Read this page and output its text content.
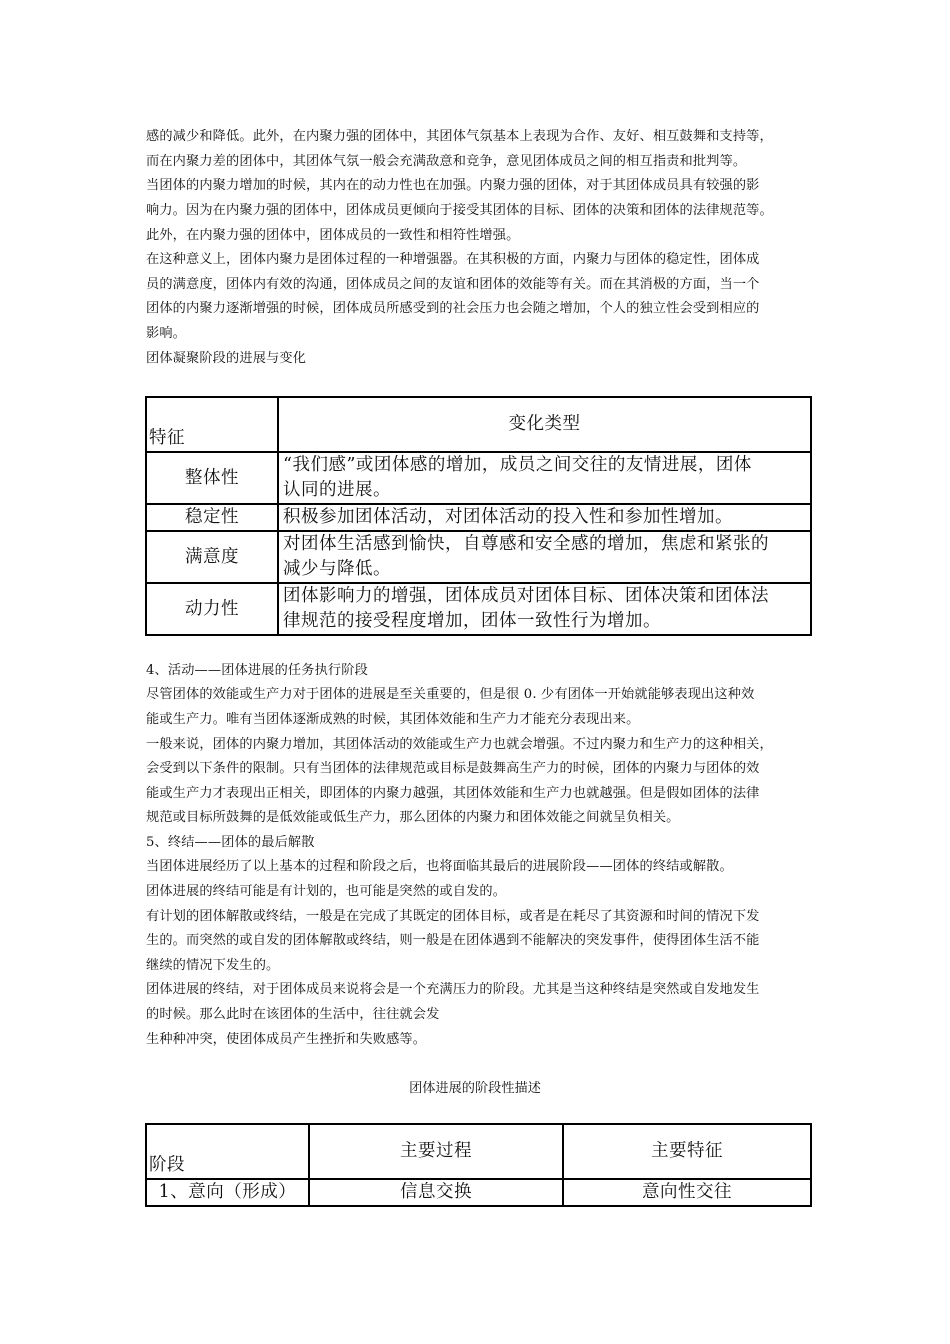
感的减少和降低。此外，在内聚力强的团体中，其团体气氛基本上表现为合作、友好、相互鼓舞和支持等，
而在内聚力差的团体中，其团体气氛一般会充满敌意和竞争，意见团体成员之间的相互指责和批判等。
当团体的内聚力增加的时候，其内在的动力性也在加强。内聚力强的团体，对于其团体成员具有较强的影
响力。因为在内聚力强的团体中，团体成员更倾向于接受其团体的目标、团体的决策和团体的法律规范等。
此外，在内聚力强的团体中，团体成员的一致性和相符性增强。
在这种意义上，团体内聚力是团体过程的一种增强器。在其积极的方面，内聚力与团体的稳定性，团体成
员的满意度，团体内有效的沟通，团体成员之间的友谊和团体的效能等有关。而在其消极的方面，当一个
团体的内聚力逐渐增强的时候，团体成员所感受到的社会压力也会随之增加，个人的独立性会受到相应的
影响。
团体凝聚阶段的进展与变化
特征	变化类型
整体性	“我们感”或团体感的增加，成员之间交往的友情进展，团体
认同的进展。

稳定性	积极参加团体活动，对团体活动的投入性和参加性增加。

满意度	对团体生活感到愉快，自尊感和安全感的增加，焦虑和紧张的
减少与降低。

动力性	团体影响力的增强，团体成员对团体目标、团体决策和团体法
律规范的接受程度增加，团体一致性行为增加。
4、活动——团体进展的任务执行阶段
尽管团体的效能或生产力对于团体的进展是至关重要的，但是很 0. 少有团体一开始就能够表现出这种效
能或生产力。唯有当团体逐渐成熟的时候，其团体效能和生产力才能充分表现出来。
一般来说，团体的内聚力增加，其团体活动的效能或生产力也就会增强。不过内聚力和生产力的这种相关，
会受到以下条件的限制。只有当团体的法律规范或目标是鼓舞高生产力的时候，团体的内聚力与团体的效
能或生产力才表现出正相关，即团体的内聚力越强，其团体效能和生产力也就越强。但是假如团体的法律
规范或目标所鼓舞的是低效能或低生产力，那么团体的内聚力和团体效能之间就呈负相关。
5、终结——团体的最后解散
当团体进展经历了以上基本的过程和阶段之后，也将面临其最后的进展阶段——团体的终结或解散。
团体进展的终结可能是有计划的，也可能是突然的或自发的。
有计划的团体解散或终结，一般是在完成了其既定的团体目标，或者是在耗尽了其资源和时间的情况下发
生的。而突然的或自发的团体解散或终结，则一般是在团体遇到不能解决的突发事件，使得团体生活不能
继续的情况下发生的。
团体进展的终结，对于团体成员来说将会是一个充满压力的阶段。尤其是当这种终结是突然或自发地发生
的时候。那么此时在该团体的生活中，往往就会发
生种种冲突，使团体成员产生挫折和失败感等。
团体进展的阶段性描述
阶段	主要过程	主要特征
1、意向（形成）	信息交换	意向性交往
